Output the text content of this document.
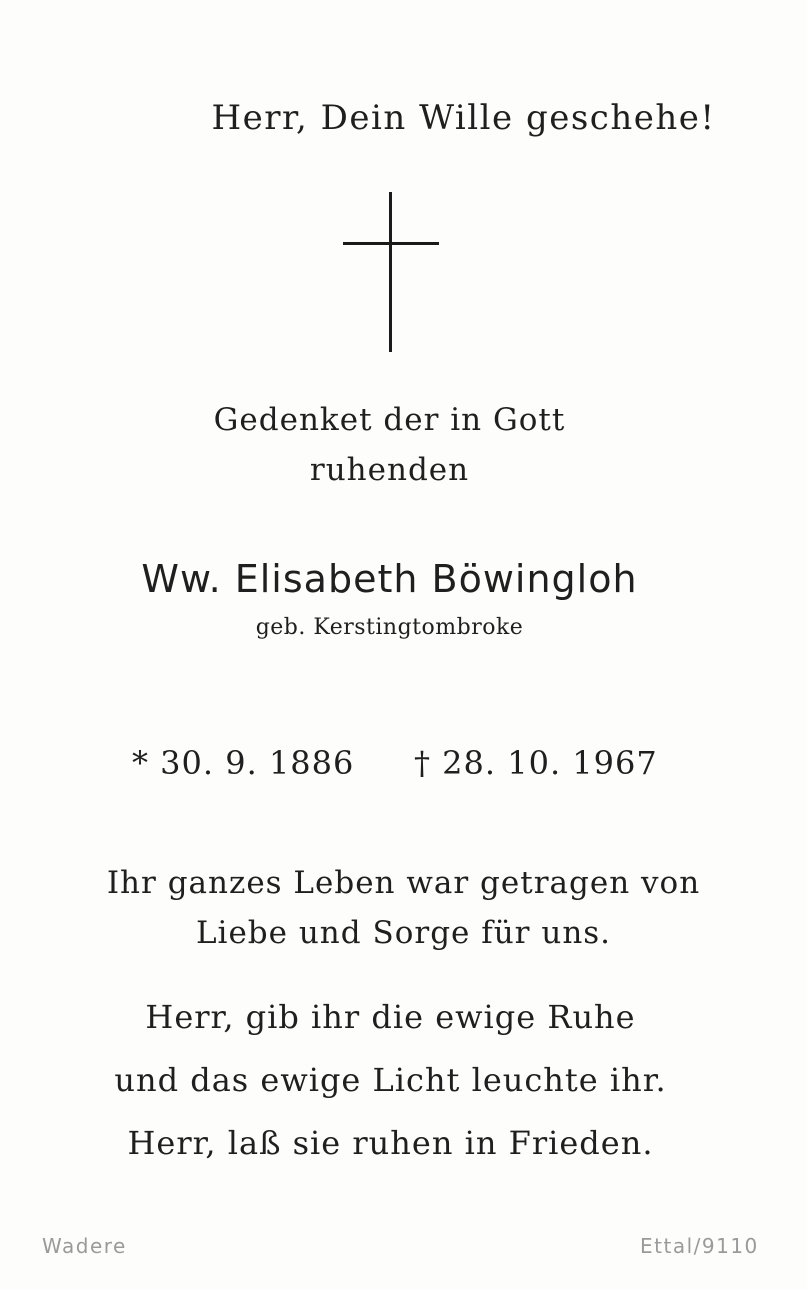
Herr, Dein Wille geschehe!
Gedenket der in Gott
ruhenden
Ww. Elisabeth Böwingloh
geb. Kerstingtombroke
* 30. 9. 1886 † 28. 10. 1967
Ihr ganzes Leben war getragen von
Liebe und Sorge für uns.
Herr, gib ihr die ewige Ruhe
und das ewige Licht leuchte ihr.
Herr, laß sie ruhen in Frieden.
Wadere	Ettal/9110
